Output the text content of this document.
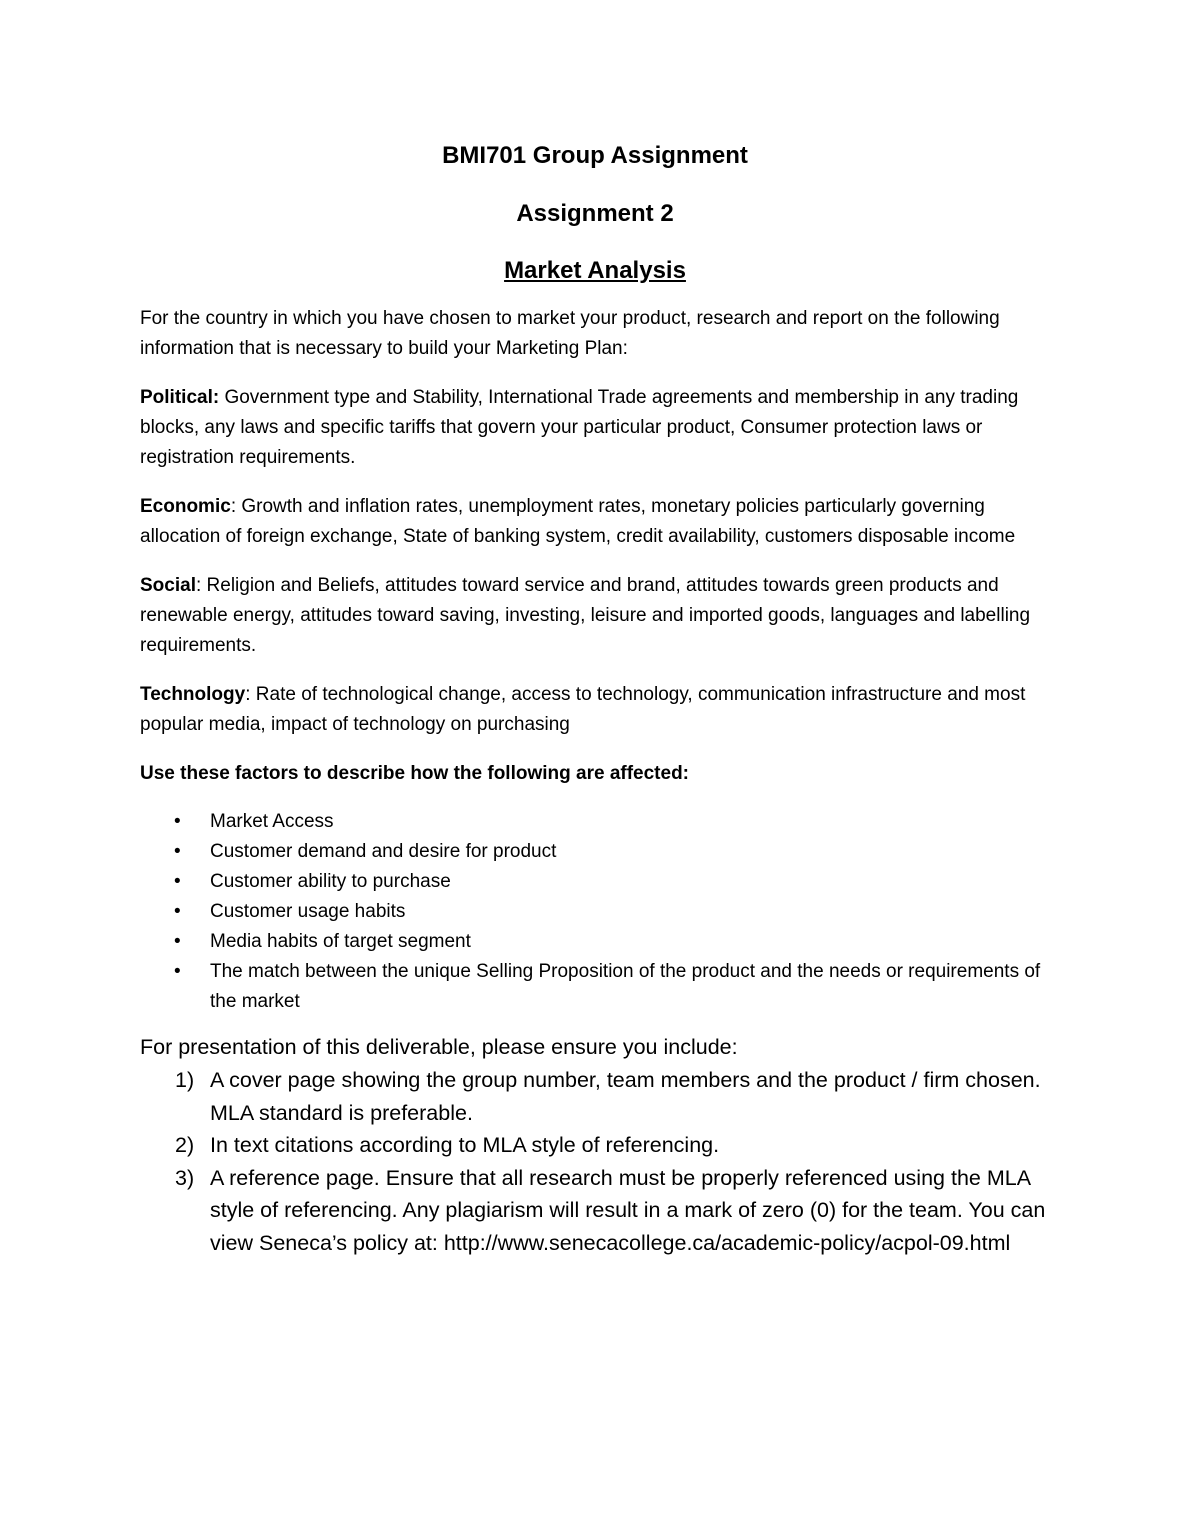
BMI701 Group Assignment
Assignment 2
Market Analysis

For the country in which you have chosen to market your product, research and report on the following information that is necessary to build your Marketing Plan:

Political: Government type and Stability, International Trade agreements and membership in any trading blocks, any laws and specific tariffs that govern your particular product, Consumer protection laws or registration requirements.

Economic: Growth and inflation rates, unemployment rates, monetary policies particularly governing allocation of foreign exchange, State of banking system, credit availability, customers disposable income

Social: Religion and Beliefs, attitudes toward service and brand, attitudes towards green products and renewable energy, attitudes toward saving, investing, leisure and imported goods, languages and labelling requirements.

Technology: Rate of technological change, access to technology, communication infrastructure and most popular media, impact of technology on purchasing

Use these factors to describe how the following are affected:

• Market Access
• Customer demand and desire for product
• Customer ability to purchase
• Customer usage habits
• Media habits of target segment
• The match between the unique Selling Proposition of the product and the needs or requirements of the market

For presentation of this deliverable, please ensure you include:

1) A cover page showing the group number, team members and the product / firm chosen. MLA standard is preferable.
2) In text citations according to MLA style of referencing.
3) A reference page. Ensure that all research must be properly referenced using the MLA style of referencing. Any plagiarism will result in a mark of zero (0) for the team. You can view Seneca’s policy at: http://www.senecacollege.ca/academic-policy/acpol-09.html
